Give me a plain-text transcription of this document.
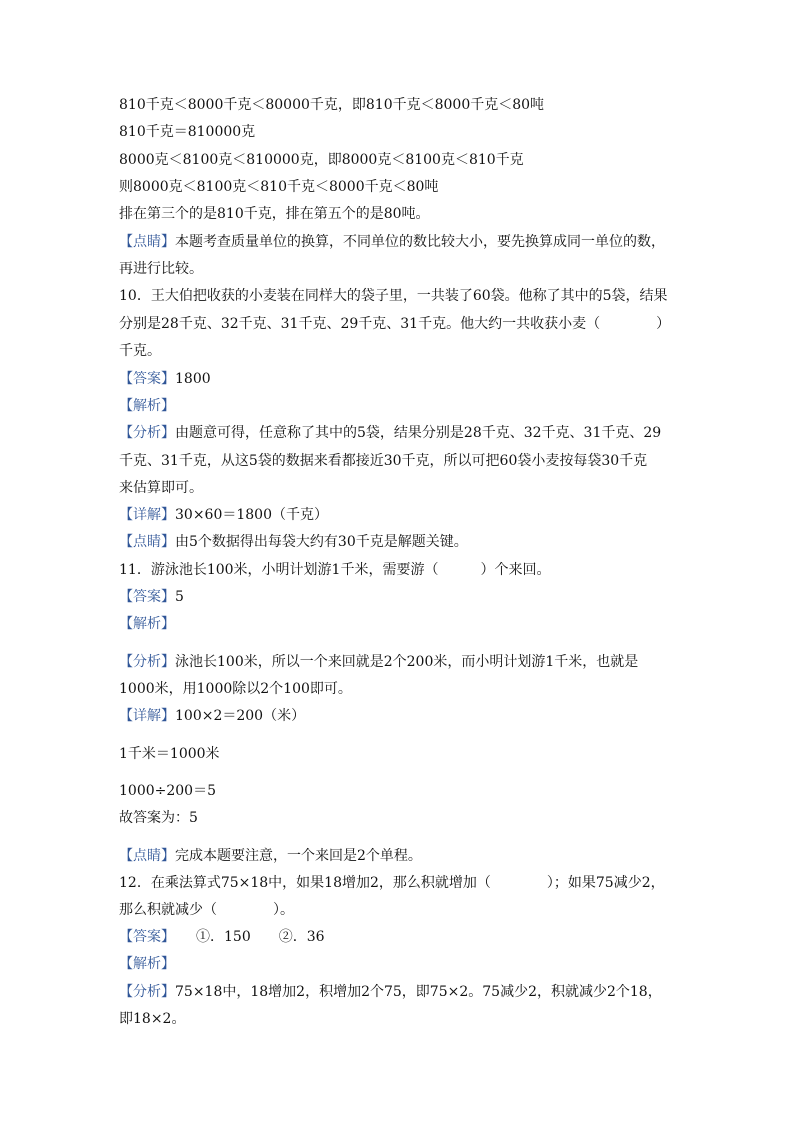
810千克＜8000千克＜80000千克，即810千克＜8000千克＜80吨
810千克＝810000克
8000克＜8100克＜810000克，即8000克＜8100克＜810千克
则8000克＜8100克＜810千克＜8000千克＜80吨
排在第三个的是810千克，排在第五个的是80吨。
【点睛】本题考查质量单位的换算，不同单位的数比较大小，要先换算成同一单位的数，
再进行比较。
10．王大伯把收获的小麦装在同样大的袋子里，一共装了60袋。他称了其中的5袋，结果
分别是28千克、32千克、31千克、29千克、31千克。他大约一共收获小麦（　　　　）
千克。
【答案】1800
【解析】
【分析】由题意可得，任意称了其中的5袋，结果分别是28千克、32千克、31千克、29
千克、31千克，从这5袋的数据来看都接近30千克，所以可把60袋小麦按每袋30千克
来估算即可。
【详解】30×60＝1800（千克）
【点睛】由5个数据得出每袋大约有30千克是解题关键。
11．游泳池长100米，小明计划游1千米，需要游（　　　）个来回。
【答案】5
【解析】
【分析】泳池长100米，所以一个来回就是2个200米，而小明计划游1千米，也就是
1000米，用1000除以2个100即可。
【详解】100×2＝200（米）
1千米＝1000米
1000÷200＝5
故答案为：5
【点睛】完成本题要注意，一个来回是2个单程。
12．在乘法算式75×18中，如果18增加2，那么积就增加（　　　　）；如果75减少2，
那么积就减少（　　　　）。
【答案】　　①．150　　②．36
【解析】
【分析】75×18中，18增加2，积增加2个75，即75×2。75减少2，积就减少2个18，
即18×2。
